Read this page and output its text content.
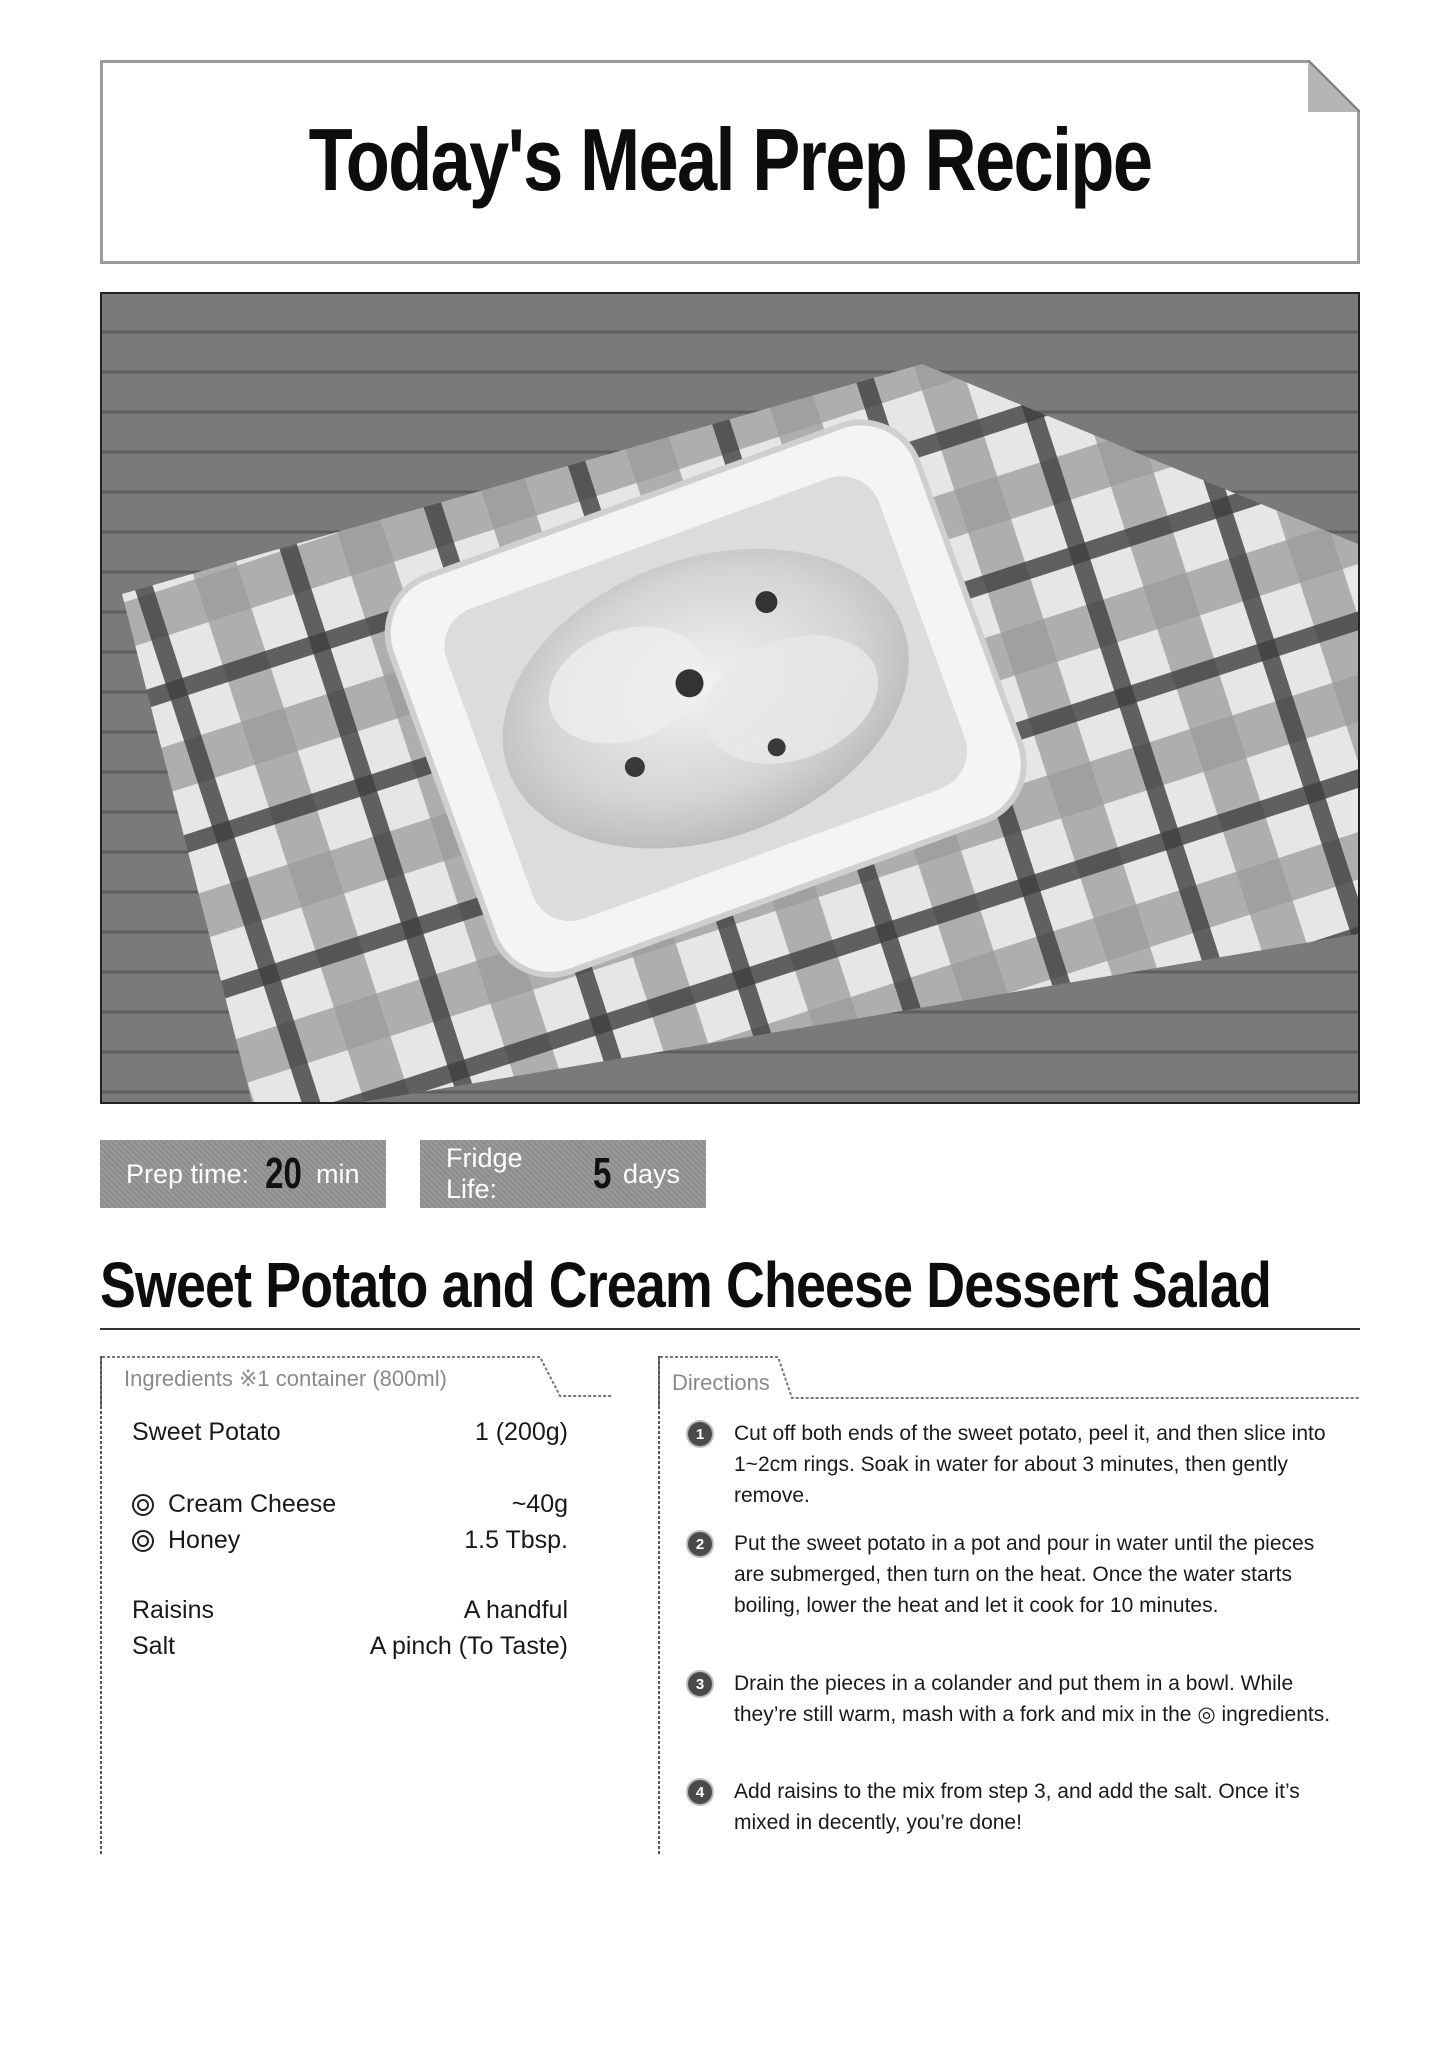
Today's Meal Prep Recipe
Prep time: 20 min
Fridge Life:	5 days
Sweet Potato and Cream Cheese Dessert Salad
Ingredients ※1 container (800ml)
Sweet Potato	1 (200g)
Cream Cheese	~40g
Honey	1.5 Tbsp.
Raisins	A handful
Salt	A pinch (To Taste)
Directions
1	Cut off both ends of the sweet potato, peel it, and then slice into 1~2cm rings. Soak in water for about 3 minutes, then gently remove.
2	Put the sweet potato in a pot and pour in water until the pieces are submerged, then turn on the heat. Once the water starts boiling, lower the heat and let it cook for 10 minutes.
3	Drain the pieces in a colander and put them in a bowl. While they’re still warm, mash with a fork and mix in the ◎ ingredients.
4	Add raisins to the mix from step 3, and add the salt. Once it’s mixed in decently, you’re done!
